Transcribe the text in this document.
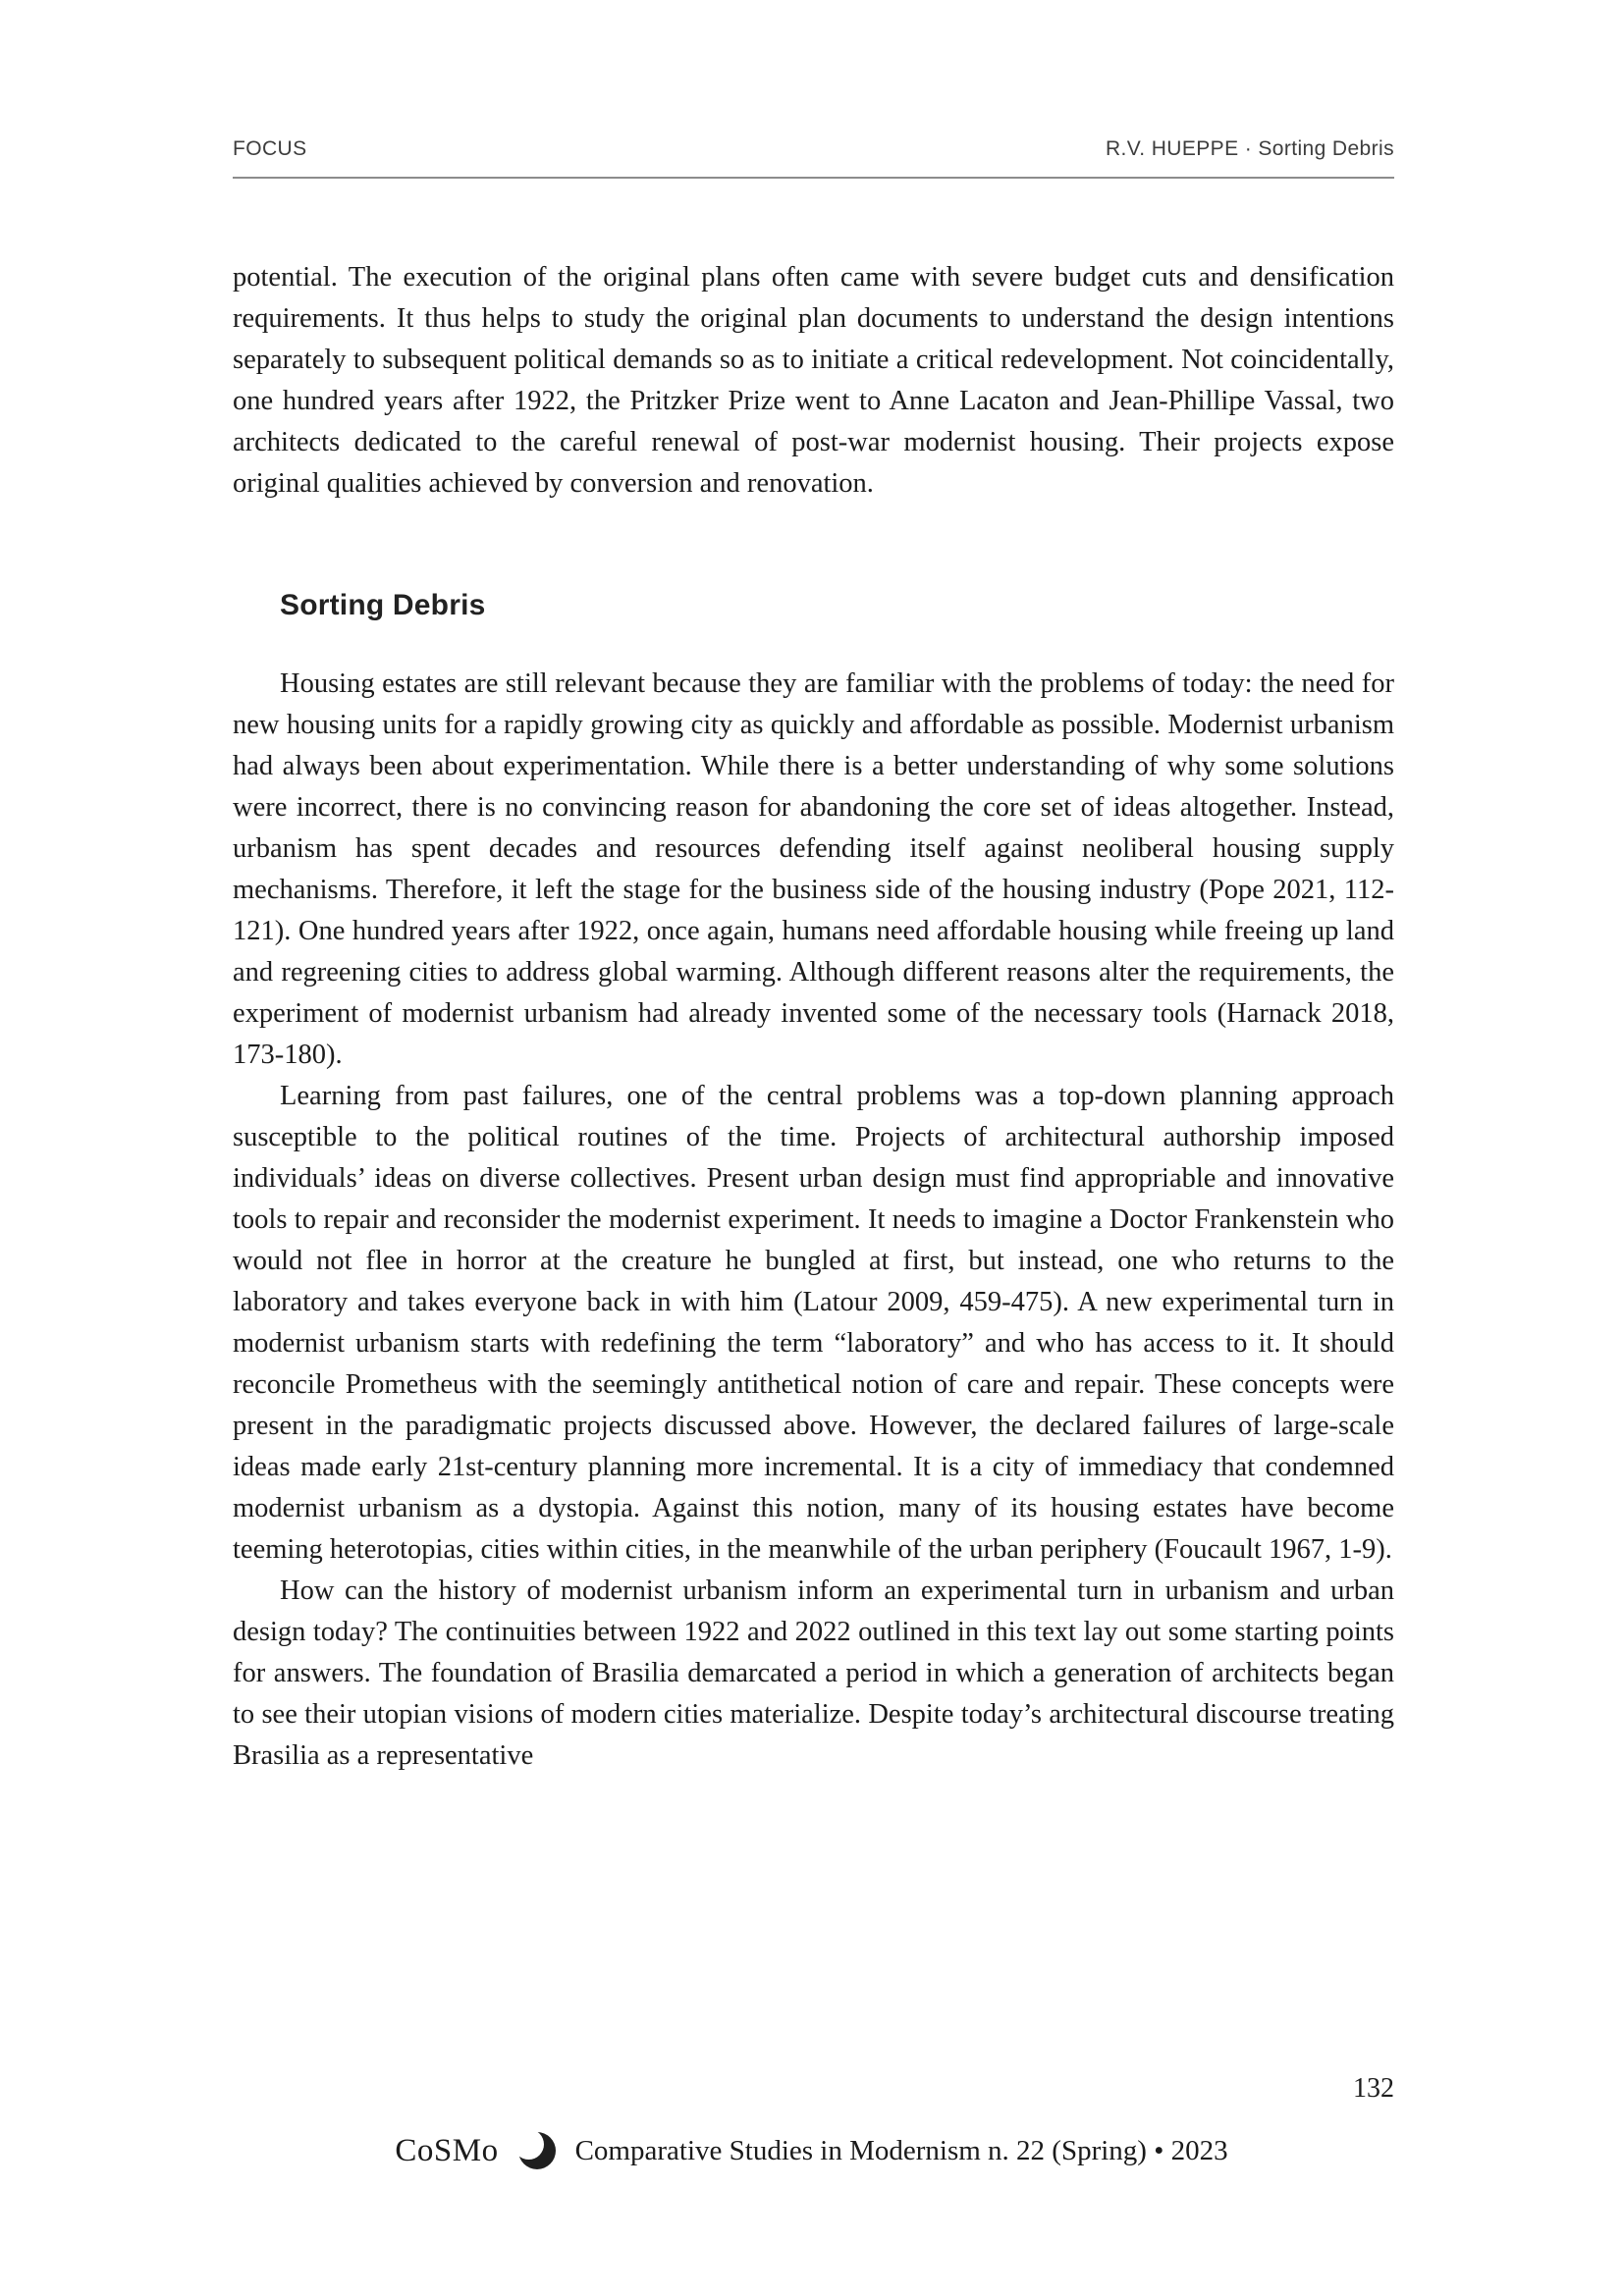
FOCUS	R.V. HUEPPE · Sorting Debris

potential. The execution of the original plans often came with severe budget cuts and densification requirements. It thus helps to study the original plan documents to understand the design intentions separately to subsequent political demands so as to initiate a critical redevelopment. Not coincidentally, one hundred years after 1922, the Pritzker Prize went to Anne Lacaton and Jean-Phillipe Vassal, two architects dedicated to the careful renewal of post-war modernist housing. Their projects expose original qualities achieved by conversion and renovation.

Sorting Debris

Housing estates are still relevant because they are familiar with the problems of today: the need for new housing units for a rapidly growing city as quickly and affordable as possible. Modernist urbanism had always been about experimentation. While there is a better understanding of why some solutions were incorrect, there is no convincing reason for abandoning the core set of ideas altogether. Instead, urbanism has spent decades and resources defending itself against neoliberal housing supply mechanisms. Therefore, it left the stage for the business side of the housing industry (Pope 2021, 112-121). One hundred years after 1922, once again, humans need affordable housing while freeing up land and regreening cities to address global warming. Although different reasons alter the requirements, the experiment of modernist urbanism had already invented some of the necessary tools (Harnack 2018, 173-180).

Learning from past failures, one of the central problems was a top-down planning approach susceptible to the political routines of the time. Projects of architectural authorship imposed individuals’ ideas on diverse collectives. Present urban design must find appropriable and innovative tools to repair and reconsider the modernist experiment. It needs to imagine a Doctor Frankenstein who would not flee in horror at the creature he bungled at first, but instead, one who returns to the laboratory and takes everyone back in with him (Latour 2009, 459-475). A new experimental turn in modernist urbanism starts with redefining the term “laboratory” and who has access to it. It should reconcile Prometheus with the seemingly antithetical notion of care and repair. These concepts were present in the paradigmatic projects discussed above. However, the declared failures of large-scale ideas made early 21st-century planning more incremental. It is a city of immediacy that condemned modernist urbanism as a dystopia. Against this notion, many of its housing estates have become teeming heterotopias, cities within cities, in the meanwhile of the urban periphery (Foucault 1967, 1-9).

How can the history of modernist urbanism inform an experimental turn in urbanism and urban design today? The continuities between 1922 and 2022 outlined in this text lay out some starting points for answers. The foundation of Brasilia demarcated a period in which a generation of architects began to see their utopian visions of modern cities materialize. Despite today’s architectural discourse treating Brasilia as a representative

132
CoSMo	Comparative Studies in Modernism n. 22 (Spring) • 2023
